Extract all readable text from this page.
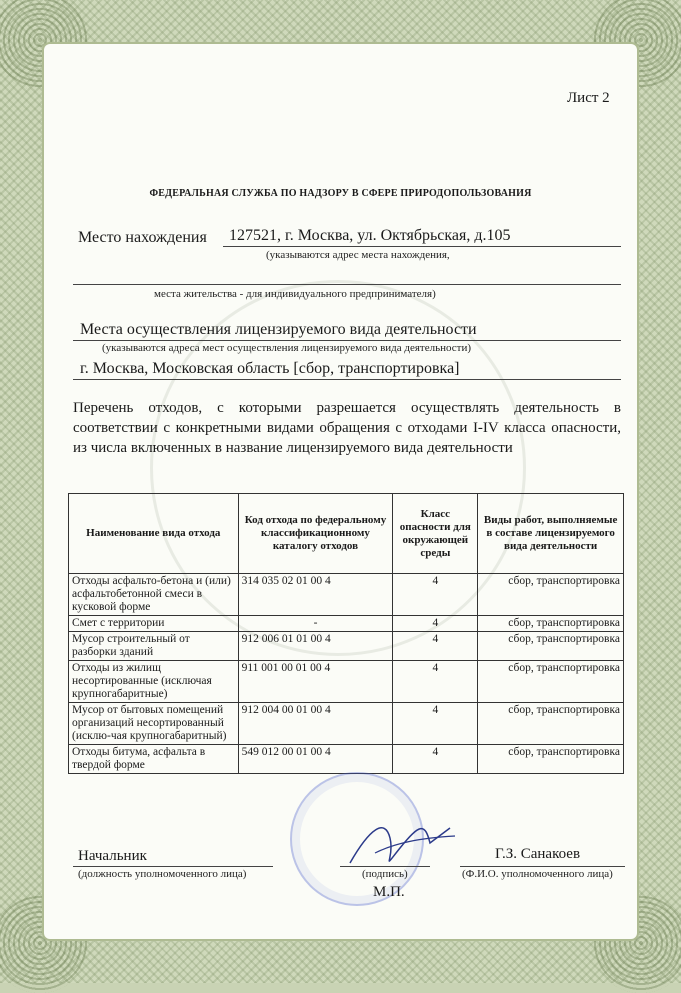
Лист 2
ФЕДЕРАЛЬНАЯ СЛУЖБА ПО НАДЗОРУ В СФЕРЕ ПРИРОДОПОЛЬЗОВАНИЯ
Место нахождения 127521, г. Москва, ул. Октябрьская, д.105
(указываются адрес места нахождения,
места жительства - для индивидуального предпринимателя)
Места осуществления лицензируемого вида деятельности
(указываются адреса мест осуществления лицензируемого вида деятельности)
г. Москва, Московская область [сбор, транспортировка]
Перечень отходов, с которыми разрешается осуществлять деятельность в соответствии с конкретными видами обращения с отходами I-IV класса опасности, из числа включенных в название лицензируемого вида деятельности
Наименование вида отхода	Код отхода по федеральному классификационному каталогу отходов	Класс опасности для окружающей среды	Виды работ, выполняемые в составе лицензируемого вида деятельности
Отходы асфальто-бетона и (или) асфальтобетонной смеси в кусковой форме	314 035 02 01 00 4	4	сбор, транспортировка
Смет с территории	-	4	сбор, транспортировка
Мусор строительный от разборки зданий	912 006 01 01 00 4	4	сбор, транспортировка
Отходы из жилищ несортированные (исключая крупногабаритные)	911 001 00 01 00 4	4	сбор, транспортировка
Мусор от бытовых помещений организаций несортированный (исклю-чая крупногабаритный)	912 004 00 01 00 4	4	сбор, транспортировка
Отходы битума, асфальта в твердой форме	549 012 00 01 00 4	4	сбор, транспортировка
Начальник
(должность уполномоченного лица)	(подпись)
Г.З. Санакоев
(Ф.И.О. уполномоченного лица)
М.П.
